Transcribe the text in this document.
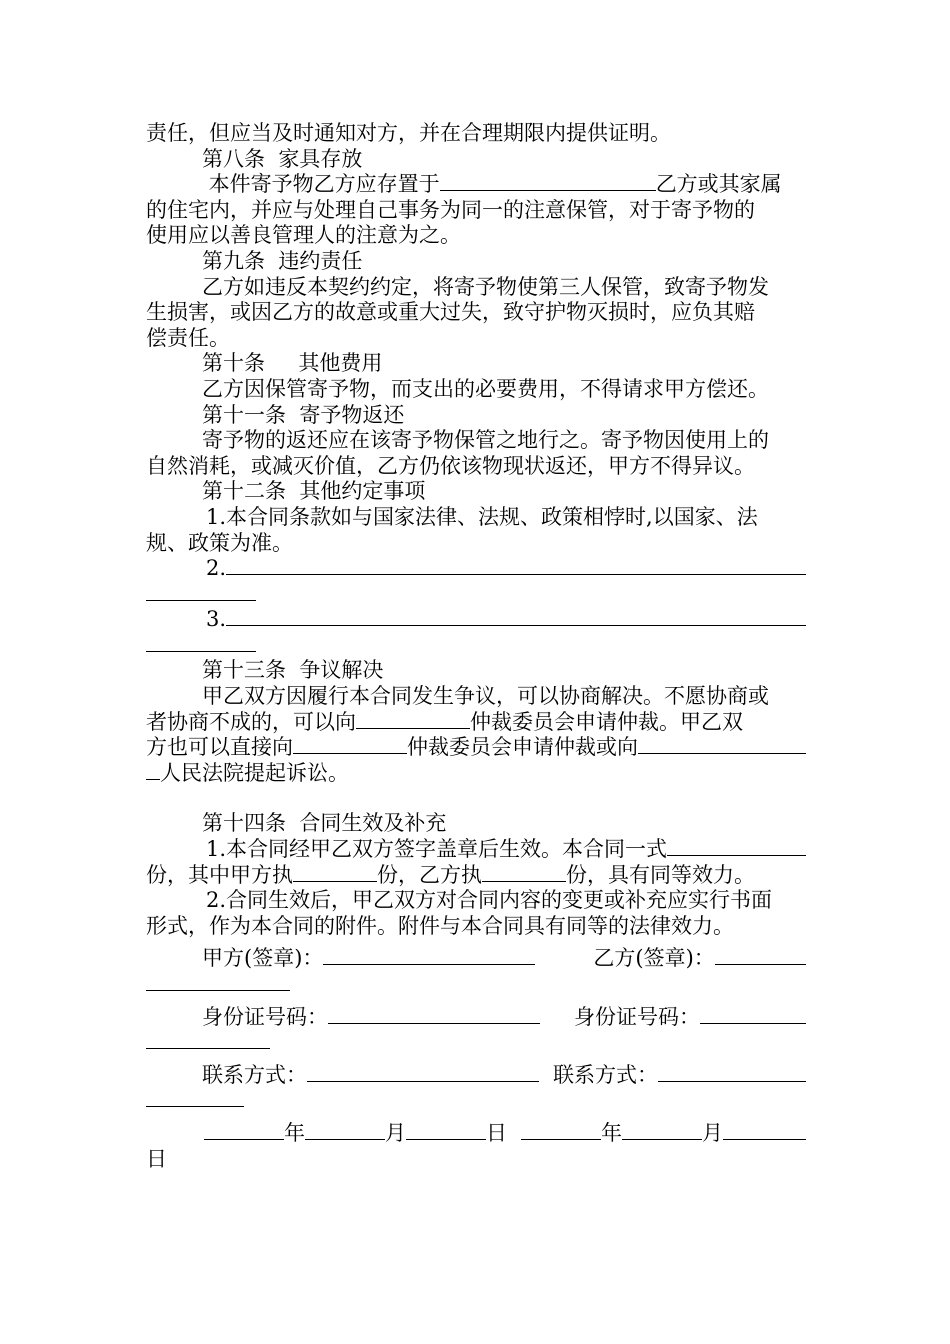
责任，但应当及时通知对方，并在合理期限内提供证明。
第八条  家具存放
本件寄予物乙方应存置于	乙方或其家属
的住宅内，并应与处理自己事务为同一的注意保管，对于寄予物的
使用应以善良管理人的注意为之。
第九条  违约责任
乙方如违反本契约约定，将寄予物使第三人保管，致寄予物发
生损害，或因乙方的故意或重大过失，致守护物灭损时，应负其赔
偿责任。
第十条     其他费用
乙方因保管寄予物，而支出的必要费用，不得请求甲方偿还。
第十一条  寄予物返还
寄予物的返还应在该寄予物保管之地行之。寄予物因使用上的
自然消耗，或减灭价值，乙方仍依该物现状返还，甲方不得异议。
第十二条  其他约定事项
1.本合同条款如与国家法律、法规、政策相悖时,以国家、法
规、政策为准。
2.
3.
第十三条  争议解决
甲乙双方因履行本合同发生争议，可以协商解决。不愿协商或
者协商不成的，可以向	仲裁委员会申请仲裁。甲乙双
方也可以直接向	仲裁委员会申请仲裁或向
人民法院提起诉讼。
第十四条  合同生效及补充
1.本合同经甲乙双方签字盖章后生效。本合同一式
份，其中甲方执	份，乙方执	份，具有同等效力。
2.合同生效后，甲乙双方对合同内容的变更或补充应实行书面
形式，作为本合同的附件。附件与本合同具有同等的法律效力。
甲方(签章)：	乙方(签章)：
身份证号码：	身份证号码：
联系方式：	联系方式：
年	月	日	年	月
日
